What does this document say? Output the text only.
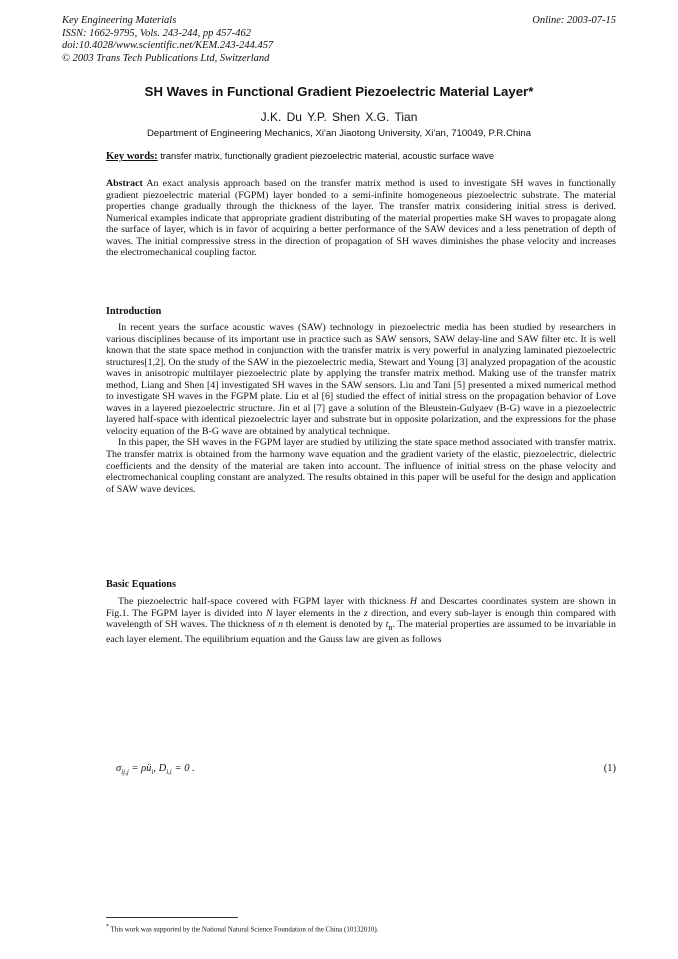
Key Engineering Materials
ISSN: 1662-9795, Vols. 243-244, pp 457-462
doi:10.4028/www.scientific.net/KEM.243-244.457
© 2003 Trans Tech Publications Ltd, Switzerland
Online: 2003-07-15
SH Waves in Functional Gradient Piezoelectric Material Layer*
J.K. Du Y.P. Shen X.G. Tian
Department of Engineering Mechanics, Xi'an Jiaotong University, Xi'an, 710049, P.R.China
Key words: transfer matrix, functionally gradient piezoelectric material, acoustic surface wave

Abstract An exact analysis approach based on the transfer matrix method is used to investigate SH waves in functionally gradient piezoelectric material (FGPM) layer bonded to a semi-infinite homogeneous piezoelectric substrate. The material properties change gradually through the thickness of the layer. The transfer matrix considering initial stress is derived. Numerical examples indicate that appropriate gradient distributing of the material properties make SH waves to propagate along the surface of layer, which is in favor of acquiring a better performance of the SAW devices and a less penetration of depth of waves. The initial compressive stress in the direction of propagation of SH waves diminishes the phase velocity and increases the electromechanical coupling factor.

Introduction

In recent years the surface acoustic waves (SAW) technology in piezoelectric media has been studied by researchers in various disciplines because of its important use in practice such as SAW sensors, SAW delay-line and SAW filter etc. It is well known that the state space method in conjunction with the transfer matrix is very powerful in analyzing laminated piezoelectric structures[1,2]. On the study of the SAW in the piezoelectric media, Stewart and Young [3] analyzed propagation of the acoustic waves in anisotropic multilayer piezoelectric plate by applying the transfer matrix method. Making use of the transfer matrix method, Liang and Shen [4] investigated SH waves in the SAW sensors. Liu and Tani [5] presented a mixed numerical method to investigate SH waves in the FGPM plate. Liu et al [6] studied the effect of initial stress on the propagation behavior of Love waves in a layered piezoelectric structure. Jin et al [7] gave a solution of the Bleustein-Gulyaev (B-G) wave in a piezoelectric layered half-space with identical piezoelectric layer and substrate but in opposite polarization, and the expressions for the phase velocity equation of the B-G wave are obtained by analytical technique.

In this paper, the SH waves in the FGPM layer are studied by utilizing the state space method associated with transfer matrix. The transfer matrix is obtained from the harmony wave equation and the gradient variety of the elastic, piezoelectric, dielectric coefficients and the density of the material are taken into account. The influence of initial stress on the phase velocity and electromechanical coupling constant are analyzed. The results obtained in this paper will be useful for the design and application of SAW wave devices.

Basic Equations

The piezoelectric half-space covered with FGPM layer with thickness H and Descartes coordinates system are shown in Fig.1. The FGPM layer is divided into N layer elements in the z direction, and every sub-layer is enough thin compared with wavelength of SH waves. The thickness of n th element is denoted by $t_n$. The material properties are assumed to be invariable in each layer element. The equilibrium equation and the Gauss law are given as follows

$\sigma_{ij,j}$ = $\rho ü_i$, $D_{i,i} = 0$ .	(1)
* This work was supported by the National Natural Science Foundation of the China (10132010).
